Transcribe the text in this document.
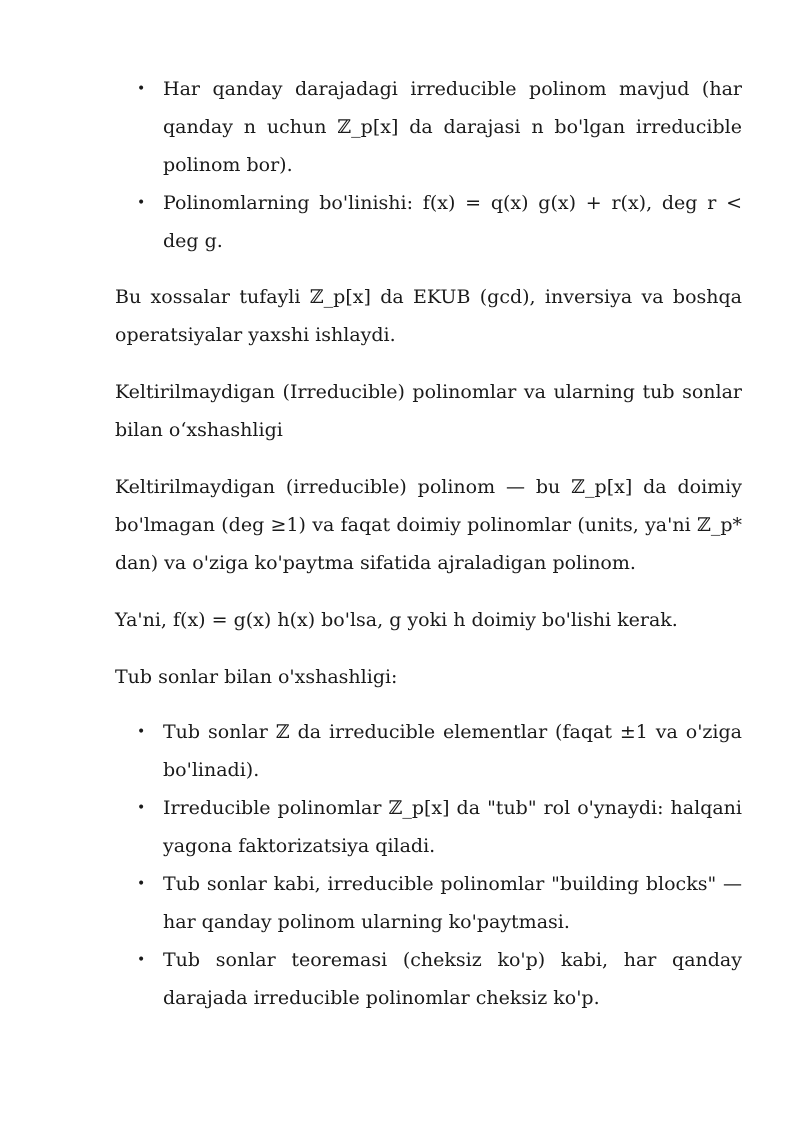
• Har qanday darajadagi irreducible polinom mavjud (har qanday n uchun ℤ_p[x] da darajasi n bo'lgan irreducible polinom bor).
• Polinomlarning bo'linishi: f(x) = q(x) g(x) + r(x), deg r < deg g.

Bu xossalar tufayli ℤ_p[x] da EKUB (gcd), inversiya va boshqa operatsiyalar yaxshi ishlaydi.

Keltirilmaydigan (Irreducible) polinomlar va ularning tub sonlar bilan o‘xshashligi

Keltirilmaydigan (irreducible) polinom — bu ℤ_p[x] da doimiy bo'lmagan (deg ≥1) va faqat doimiy polinomlar (units, ya'ni ℤ_p* dan) va o'ziga ko'paytma sifatida ajraladigan polinom.

Ya'ni, f(x) = g(x) h(x) bo'lsa, g yoki h doimiy bo'lishi kerak.

Tub sonlar bilan o'xshashligi:

• Tub sonlar ℤ da irreducible elementlar (faqat ±1 va o'ziga bo'linadi).
• Irreducible polinomlar ℤ_p[x] da "tub" rol o'ynaydi: halqani yagona faktorizatsiya qiladi.
• Tub sonlar kabi, irreducible polinomlar "building blocks" — har qanday polinom ularning ko'paytmasi.
• Tub sonlar teoremasi (cheksiz ko'p) kabi, har qanday darajada irreducible polinomlar cheksiz ko'p.
